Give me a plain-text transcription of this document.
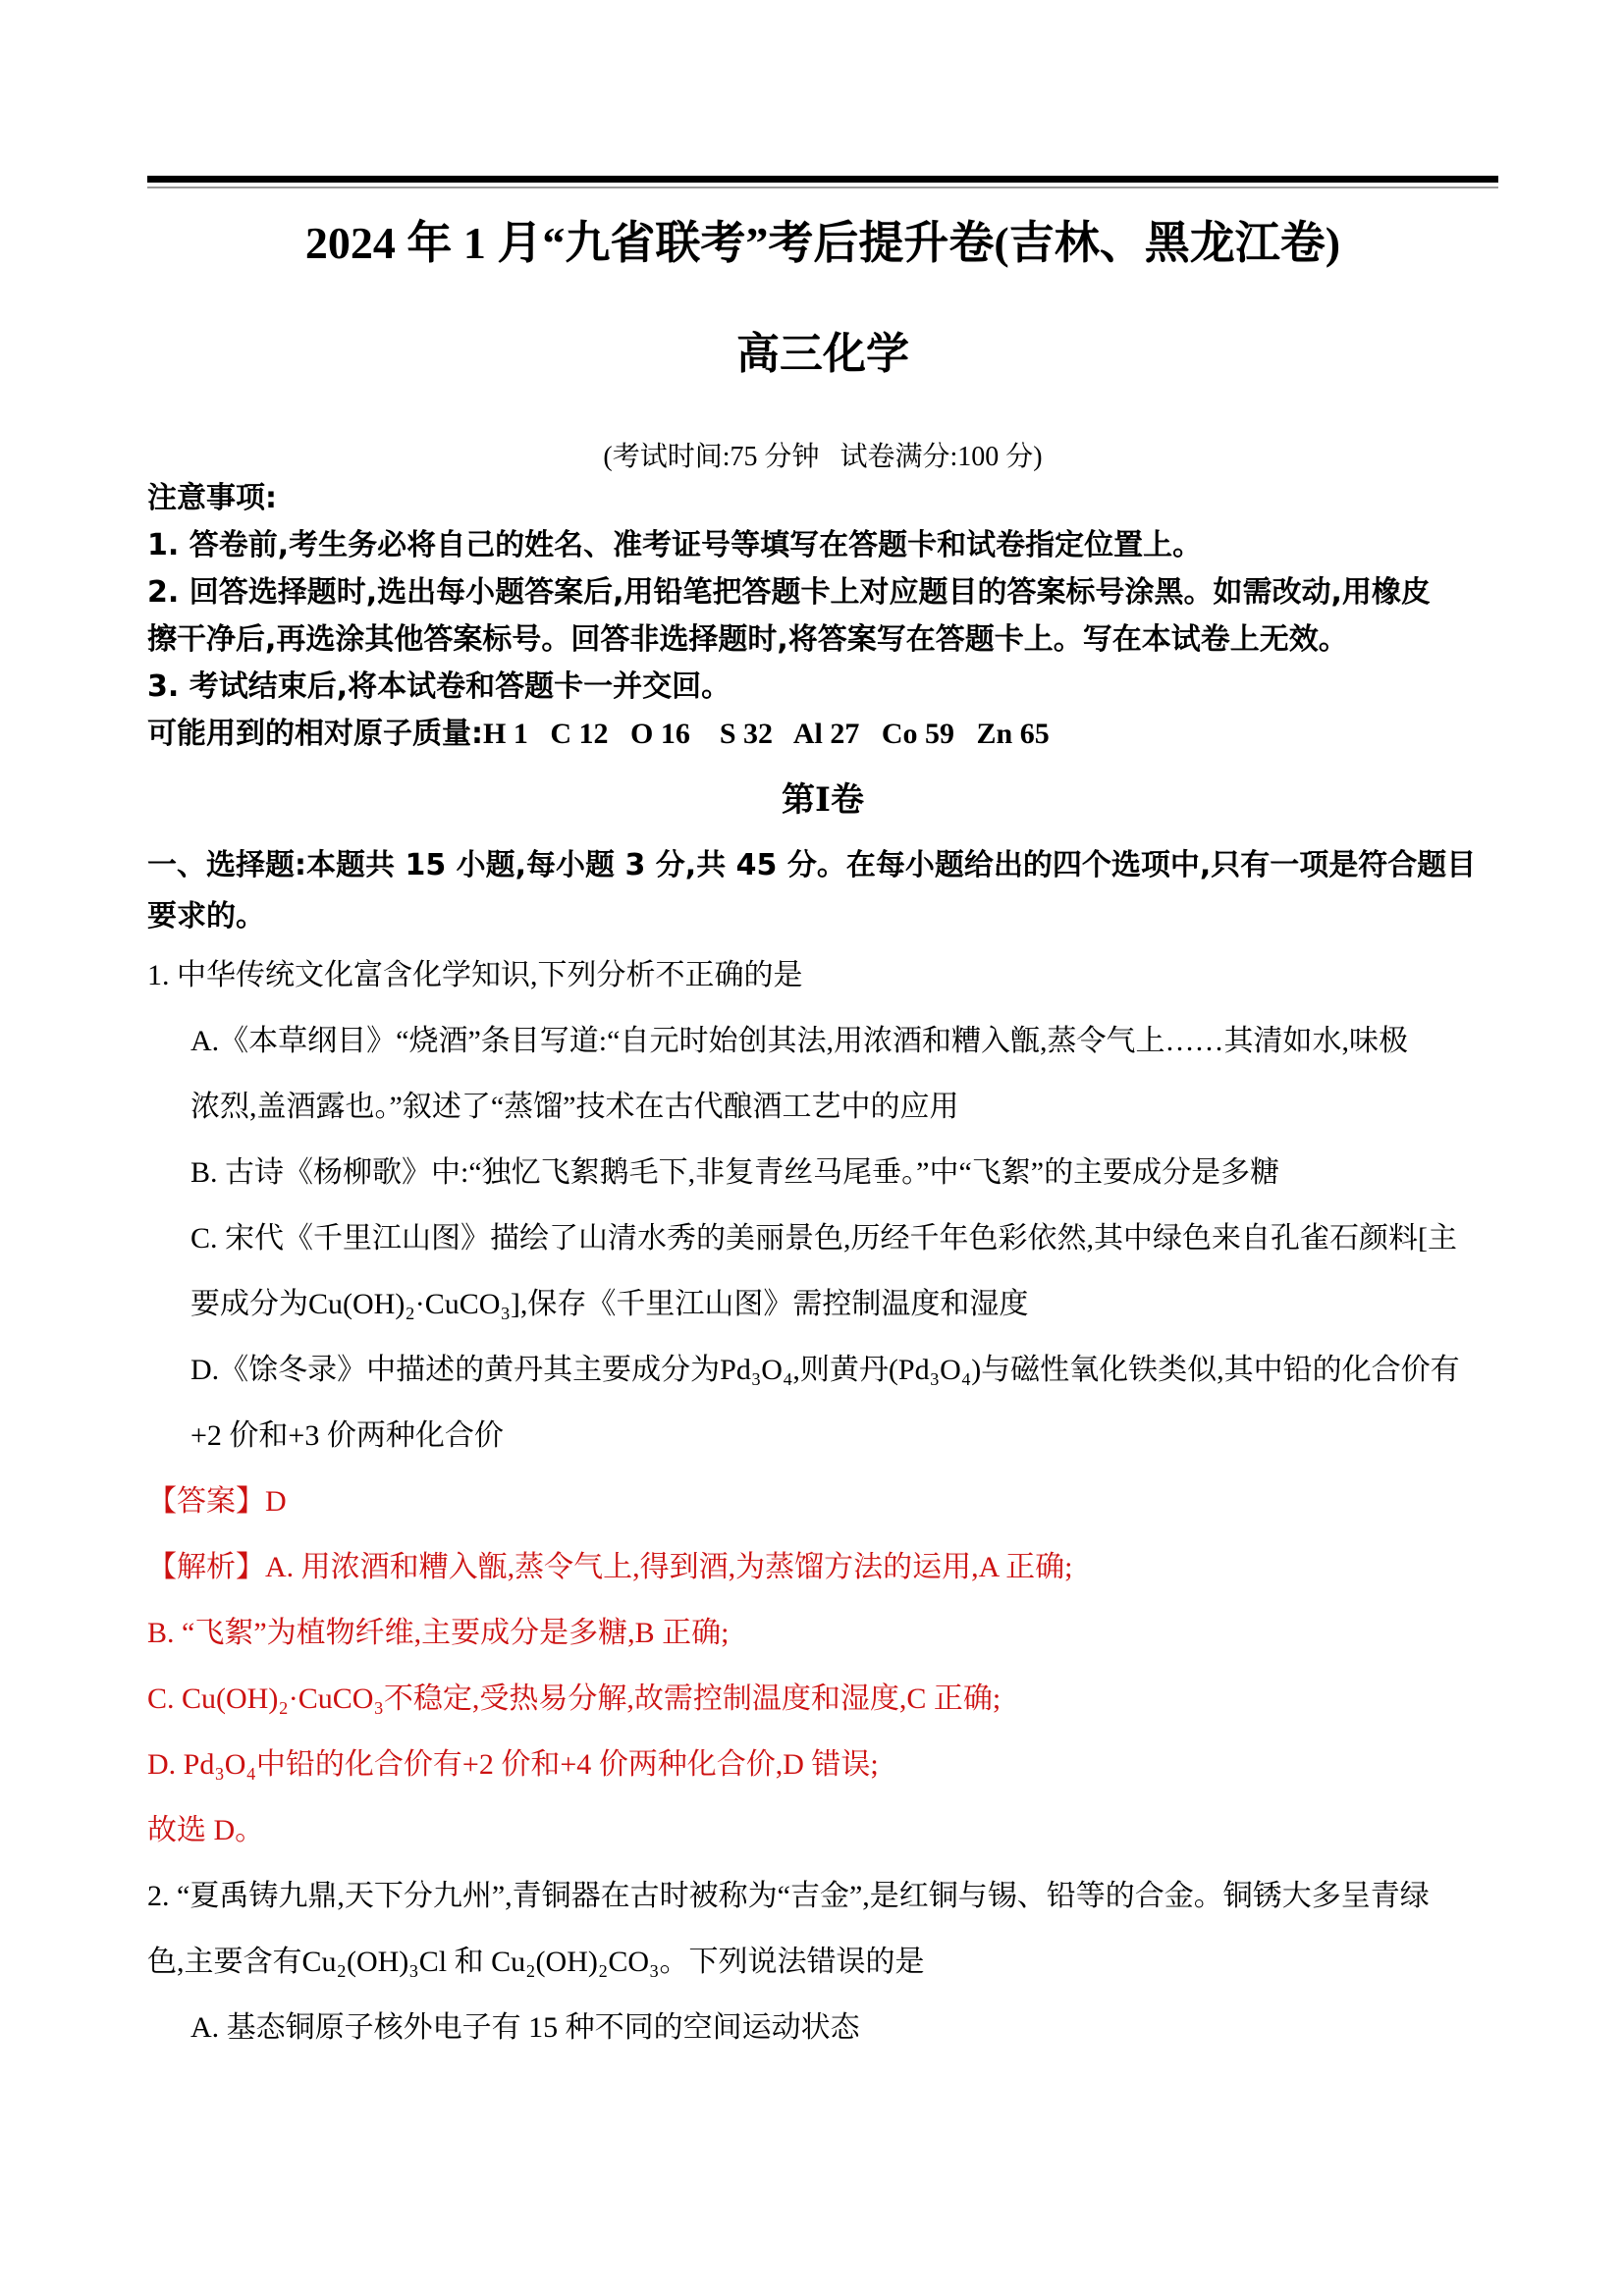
2024 年 1 月“九省联考”考后提升卷(吉林、黑龙江卷)
高三化学
(考试时间:75 分钟   试卷满分:100 分)
注意事项:
1. 答卷前,考生务必将自己的姓名、准考证号等填写在答题卡和试卷指定位置上。
2. 回答选择题时,选出每小题答案后,用铅笔把答题卡上对应题目的答案标号涂黑。如需改动,用橡皮
擦干净后,再选涂其他答案标号。回答非选择题时,将答案写在答题卡上。写在本试卷上无效。
3. 考试结束后,将本试卷和答题卡一并交回。
可能用到的相对原子质量:H 1   C 12   O 16    S 32   Al 27   Co 59   Zn 65
第Ⅰ卷
一、选择题:本题共 15 小题,每小题 3 分,共 45 分。在每小题给出的四个选项中,只有一项是符合题目
要求的。
1. 中华传统文化富含化学知识,下列分析不正确的是
A.《本草纲目》“烧酒”条目写道:“自元时始创其法,用浓酒和糟入甑,蒸令气上……其清如水,味极
浓烈,盖酒露也。”叙述了“蒸馏”技术在古代酿酒工艺中的应用
B. 古诗《杨柳歌》中:“独忆飞絮鹅毛下,非复青丝马尾垂。”中“飞絮”的主要成分是多糖
C. 宋代《千里江山图》描绘了山清水秀的美丽景色,历经千年色彩依然,其中绿色来自孔雀石颜料[主
要成分为Cu(OH)₂·CuCO₃],保存《千里江山图》需控制温度和湿度
D.《馀冬录》中描述的黄丹其主要成分为Pd₃O₄,则黄丹(Pd₃O₄)与磁性氧化铁类似,其中铅的化合价有
+2 价和+3 价两种化合价
【答案】D
【解析】A. 用浓酒和糟入甑,蒸令气上,得到酒,为蒸馏方法的运用,A 正确;
B. “飞絮”为植物纤维,主要成分是多糖,B 正确;
C. Cu(OH)₂·CuCO₃不稳定,受热易分解,故需控制温度和湿度,C 正确;
D. Pd₃O₄中铅的化合价有+2 价和+4 价两种化合价,D 错误;
故选 D。
2. “夏禹铸九鼎,天下分九州”,青铜器在古时被称为“吉金”,是红铜与锡、铅等的合金。铜锈大多呈青绿
色,主要含有Cu₂(OH)₃Cl 和 Cu₂(OH)₂CO₃。下列说法错误的是
A. 基态铜原子核外电子有 15 种不同的空间运动状态
